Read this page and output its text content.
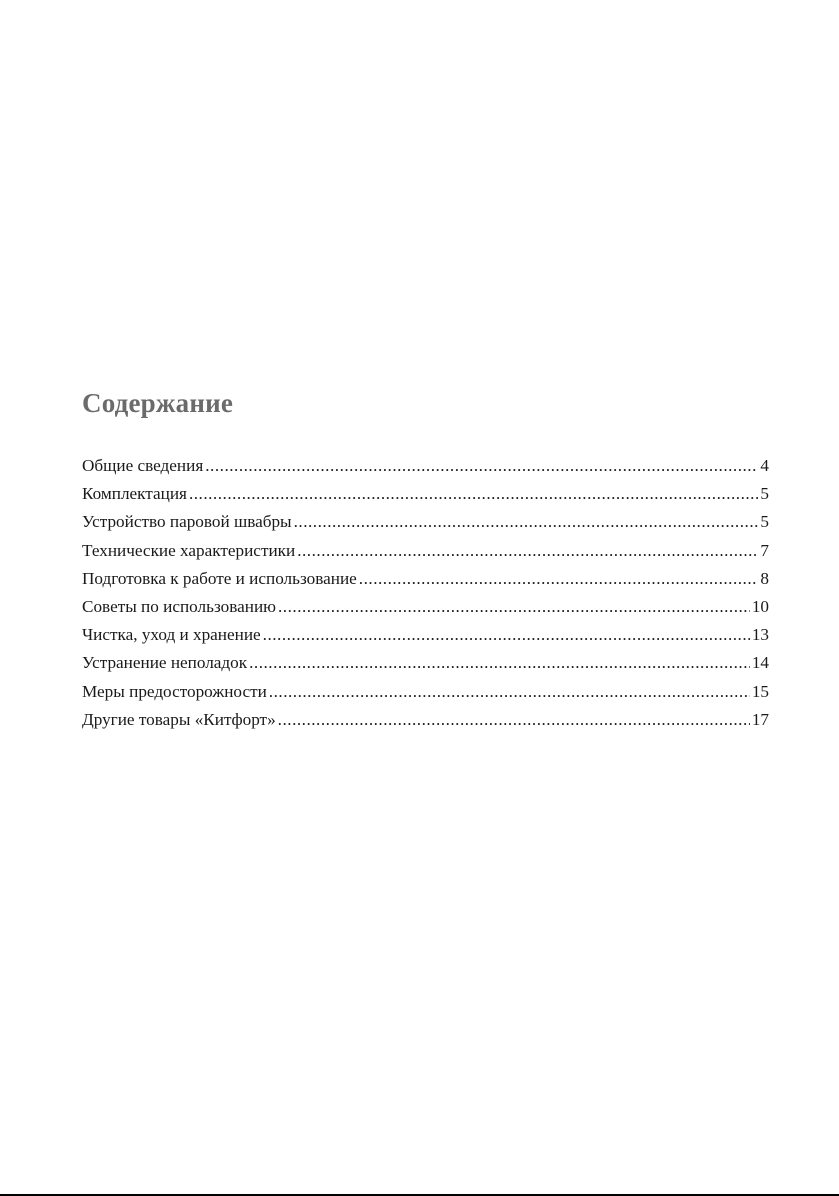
Содержание
Общие сведения .....	4
Комплектация .....	5
Устройство паровой швабры .....	5
Технические характеристики .....	7
Подготовка к работе и использование .....	8
Советы по использованию .....	10
Чистка, уход и хранение .....	13
Устранение неполадок .....	14
Меры предосторожности .....	15
Другие товары «Китфорт» .....	17
